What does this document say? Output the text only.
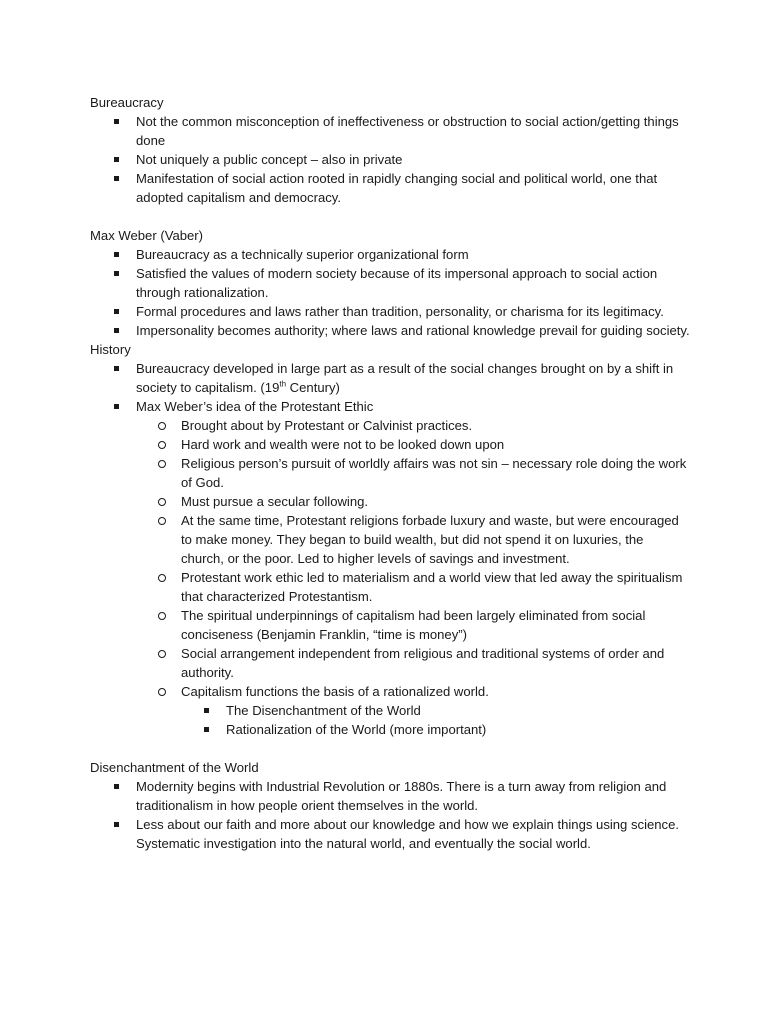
Bureaucracy
Not the common misconception of ineffectiveness or obstruction to social action/getting things done
Not uniquely a public concept – also in private
Manifestation of social action rooted in rapidly changing social and political world, one that adopted capitalism and democracy.
Max Weber (Vaber)
Bureaucracy as a technically superior organizational form
Satisfied the values of modern society because of its impersonal approach to social action through rationalization.
Formal procedures and laws rather than tradition, personality, or charisma for its legitimacy.
Impersonality becomes authority; where laws and rational knowledge prevail for guiding society.
History
Bureaucracy developed in large part as a result of the social changes brought on by a shift in society to capitalism. (19th Century)
Max Weber’s idea of the Protestant Ethic
Brought about by Protestant or Calvinist practices.
Hard work and wealth were not to be looked down upon
Religious person’s pursuit of worldly affairs was not sin – necessary role doing the work of God.
Must pursue a secular following.
At the same time, Protestant religions forbade luxury and waste, but were encouraged to make money. They began to build wealth, but did not spend it on luxuries, the church, or the poor. Led to higher levels of savings and investment.
Protestant work ethic led to materialism and a world view that led away the spiritualism that characterized Protestantism.
The spiritual underpinnings of capitalism had been largely eliminated from social conciseness (Benjamin Franklin, “time is money”)
Social arrangement independent from religious and traditional systems of order and authority.
Capitalism functions the basis of a rationalized world.
The Disenchantment of the World
Rationalization of the World (more important)
Disenchantment of the World
Modernity begins with Industrial Revolution or 1880s. There is a turn away from religion and traditionalism in how people orient themselves in the world.
Less about our faith and more about our knowledge and how we explain things using science. Systematic investigation into the natural world, and eventually the social world.
